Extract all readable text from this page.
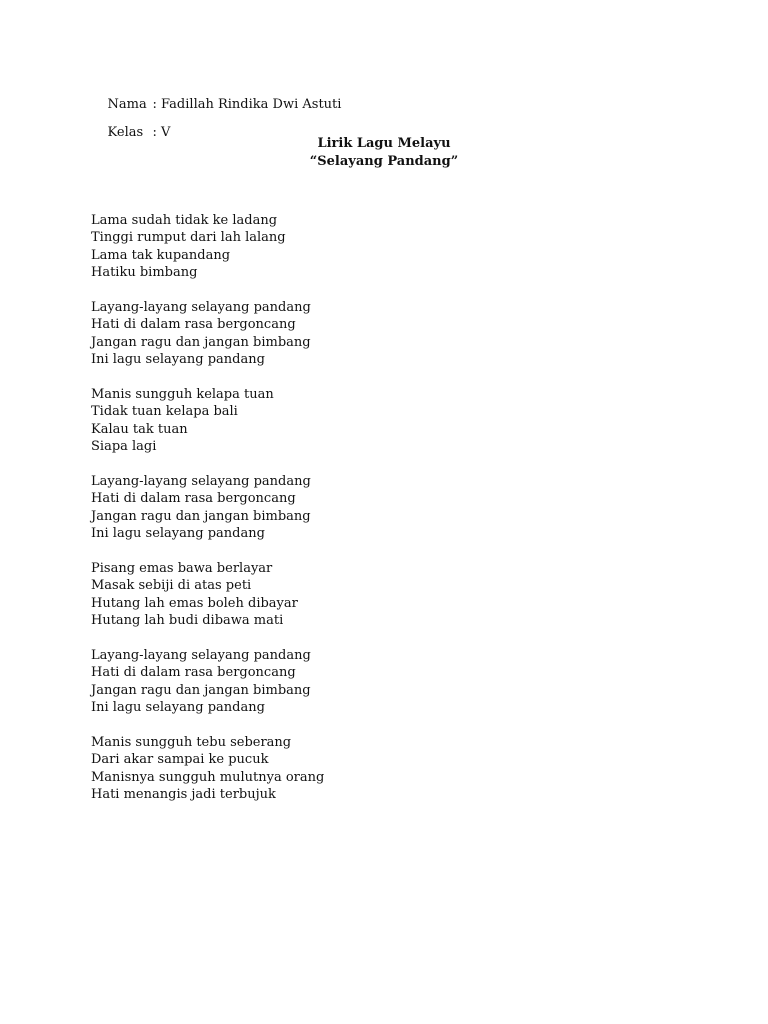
Nama : Fadillah Rindika Dwi Astuti

Kelas : V

Lirik Lagu Melayu
“Selayang Pandang”
Lama sudah tidak ke ladang
Tinggi rumput dari lah lalang
Lama tak kupandang
Hatiku bimbang
Layang-layang selayang pandang
Hati di dalam rasa bergoncang
Jangan ragu dan jangan bimbang
Ini lagu selayang pandang
Manis sungguh kelapa tuan
Tidak tuan kelapa bali
Kalau tak tuan
Siapa lagi
Layang-layang selayang pandang
Hati di dalam rasa bergoncang
Jangan ragu dan jangan bimbang
Ini lagu selayang pandang
Pisang emas bawa berlayar
Masak sebiji di atas peti
Hutang lah emas boleh dibayar
Hutang lah budi dibawa mati
Layang-layang selayang pandang
Hati di dalam rasa bergoncang
Jangan ragu dan jangan bimbang
Ini lagu selayang pandang
Manis sungguh tebu seberang
Dari akar sampai ke pucuk
Manisnya sungguh mulutnya orang
Hati menangis jadi terbujuk
